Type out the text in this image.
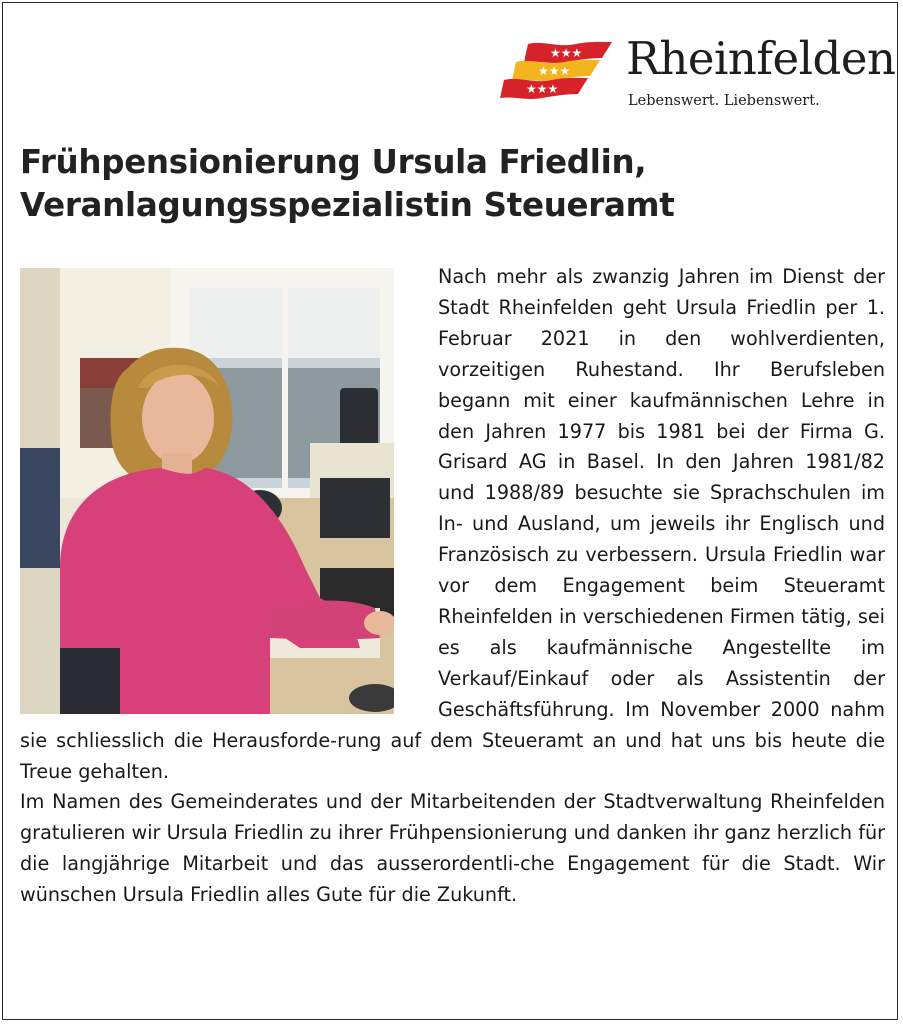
★★★
★★★
★★★
Rheinfelden
Lebenswert. Liebenswert.
Frühpensionierung Ursula Friedlin, Veranlagungsspezialistin Steueramt

Nach mehr als zwanzig Jahren im Dienst der Stadt Rheinfelden geht Ursula Friedlin per 1. Februar 2021 in den wohlverdienten, vorzeitigen Ruhestand. Ihr Berufsleben begann mit einer kaufmännischen Lehre in den Jahren 1977 bis 1981 bei der Firma G. Grisard AG in Basel. In den Jahren 1981/82 und 1988/89 besuchte sie Sprachschulen im In- und Ausland, um jeweils ihr Englisch und Französisch zu verbessern. Ursula Friedlin war vor dem Engagement beim Steueramt Rheinfelden in verschiedenen Firmen tätig, sei es als kaufmännische Angestellte im Verkauf/Einkauf oder als Assistentin der Geschäftsführung. Im November 2000 nahm sie schliesslich die Herausforde-rung auf dem Steueramt an und hat uns bis heute die Treue gehalten.

Im Namen des Gemeinderates und der Mitarbeitenden der Stadtverwaltung Rheinfelden gratulieren wir Ursula Friedlin zu ihrer Frühpensionierung und danken ihr ganz herzlich für die langjährige Mitarbeit und das ausserordentli-che Engagement für die Stadt. Wir wünschen Ursula Friedlin alles Gute für die Zukunft.
